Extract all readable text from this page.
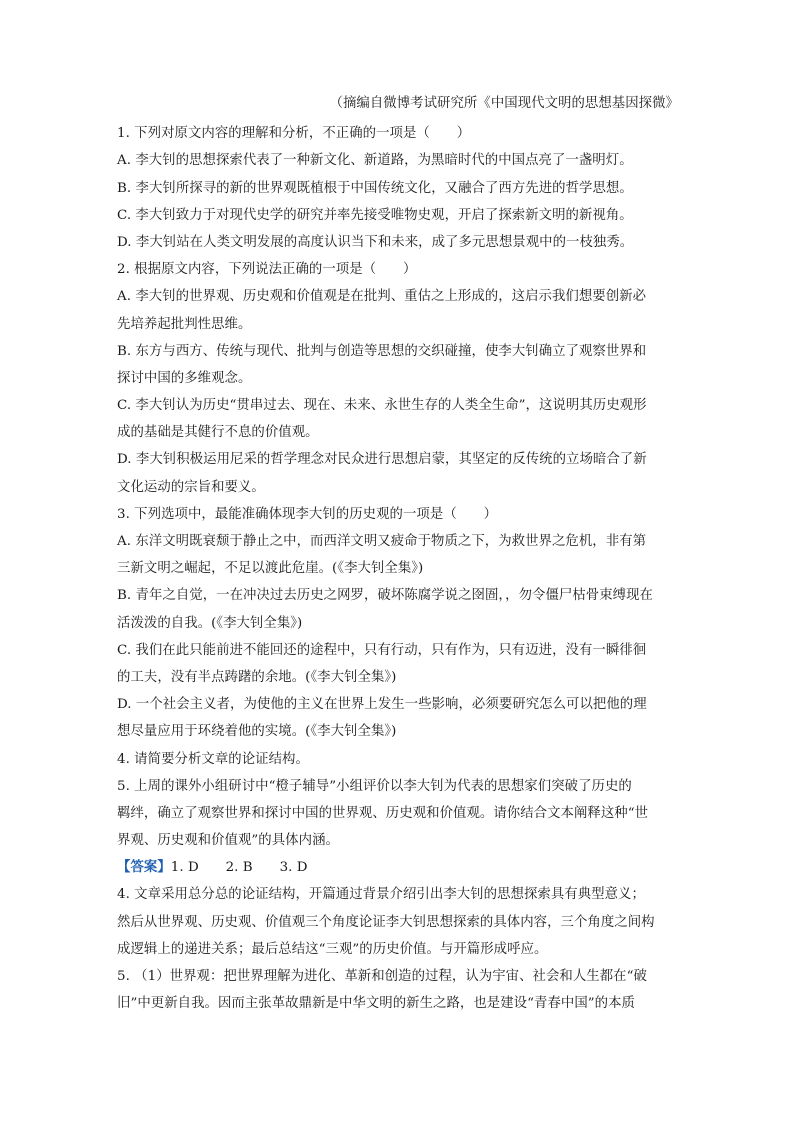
（摘编自微博考试研究所《中国现代文明的思想基因探微》
1. 下列对原文内容的理解和分析，不正确的一项是（　　）
A. 李大钊的思想探索代表了一种新文化、新道路，为黑暗时代的中国点亮了一盏明灯。
B. 李大钊所探寻的新的世界观既植根于中国传统文化，又融合了西方先进的哲学思想。
C. 李大钊致力于对现代史学的研究并率先接受唯物史观，开启了探索新文明的新视角。
D. 李大钊站在人类文明发展的高度认识当下和未来，成了多元思想景观中的一枝独秀。
2. 根据原文内容，下列说法正确的一项是（　　）
A. 李大钊的世界观、历史观和价值观是在批判、重估之上形成的，这启示我们想要创新必
先培养起批判性思维。
B. 东方与西方、传统与现代、批判与创造等思想的交织碰撞，使李大钊确立了观察世界和
探讨中国的多维观念。
C. 李大钊认为历史“贯串过去、现在、未来、永世生存的人类全生命”，这说明其历史观形
成的基础是其健行不息的价值观。
D. 李大钊积极运用尼采的哲学理念对民众进行思想启蒙，其坚定的反传统的立场暗合了新
文化运动的宗旨和要义。
3. 下列选项中，最能准确体现李大钊的历史观的一项是（　　）
A. 东洋文明既衰颓于静止之中，而西洋文明又疲命于物质之下，为救世界之危机，非有第
三新文明之崛起，不足以渡此危崖。(《李大钊全集》)
B. 青年之自觉，一在冲决过去历史之网罗，破坏陈腐学说之囹圄，，勿令僵尸枯骨束缚现在
活泼泼的自我。(《李大钊全集》)
C. 我们在此只能前进不能回还的途程中，只有行动，只有作为，只有迈进，没有一瞬徘徊
的工夫，没有半点踌躇的余地。(《李大钊全集》)
D. 一个社会主义者，为使他的主义在世界上发生一些影响，必须要研究怎么可以把他的理
想尽量应用于环绕着他的实境。(《李大钊全集》)
4. 请简要分析文章的论证结构。
5. 上周的课外小组研讨中“橙子辅导”小组评价以李大钊为代表的思想家们突破了历史的
羁绊，确立了观察世界和探讨中国的世界观、历史观和价值观。请你结合文本阐释这种“世
界观、历史观和价值观”的具体内涵。
【答案】1. D　　2. B　　3. D
4. 文章采用总分总的论证结构，开篇通过背景介绍引出李大钊的思想探索具有典型意义；
然后从世界观、历史观、价值观三个角度论证李大钊思想探索的具体内容，三个角度之间构
成逻辑上的递进关系；最后总结这“三观”的历史价值。与开篇形成呼应。
5. （1）世界观：把世界理解为进化、革新和创造的过程，认为宇宙、社会和人生都在“破
旧”中更新自我。因而主张革故鼎新是中华文明的新生之路，也是建设“青春中国”的本质
